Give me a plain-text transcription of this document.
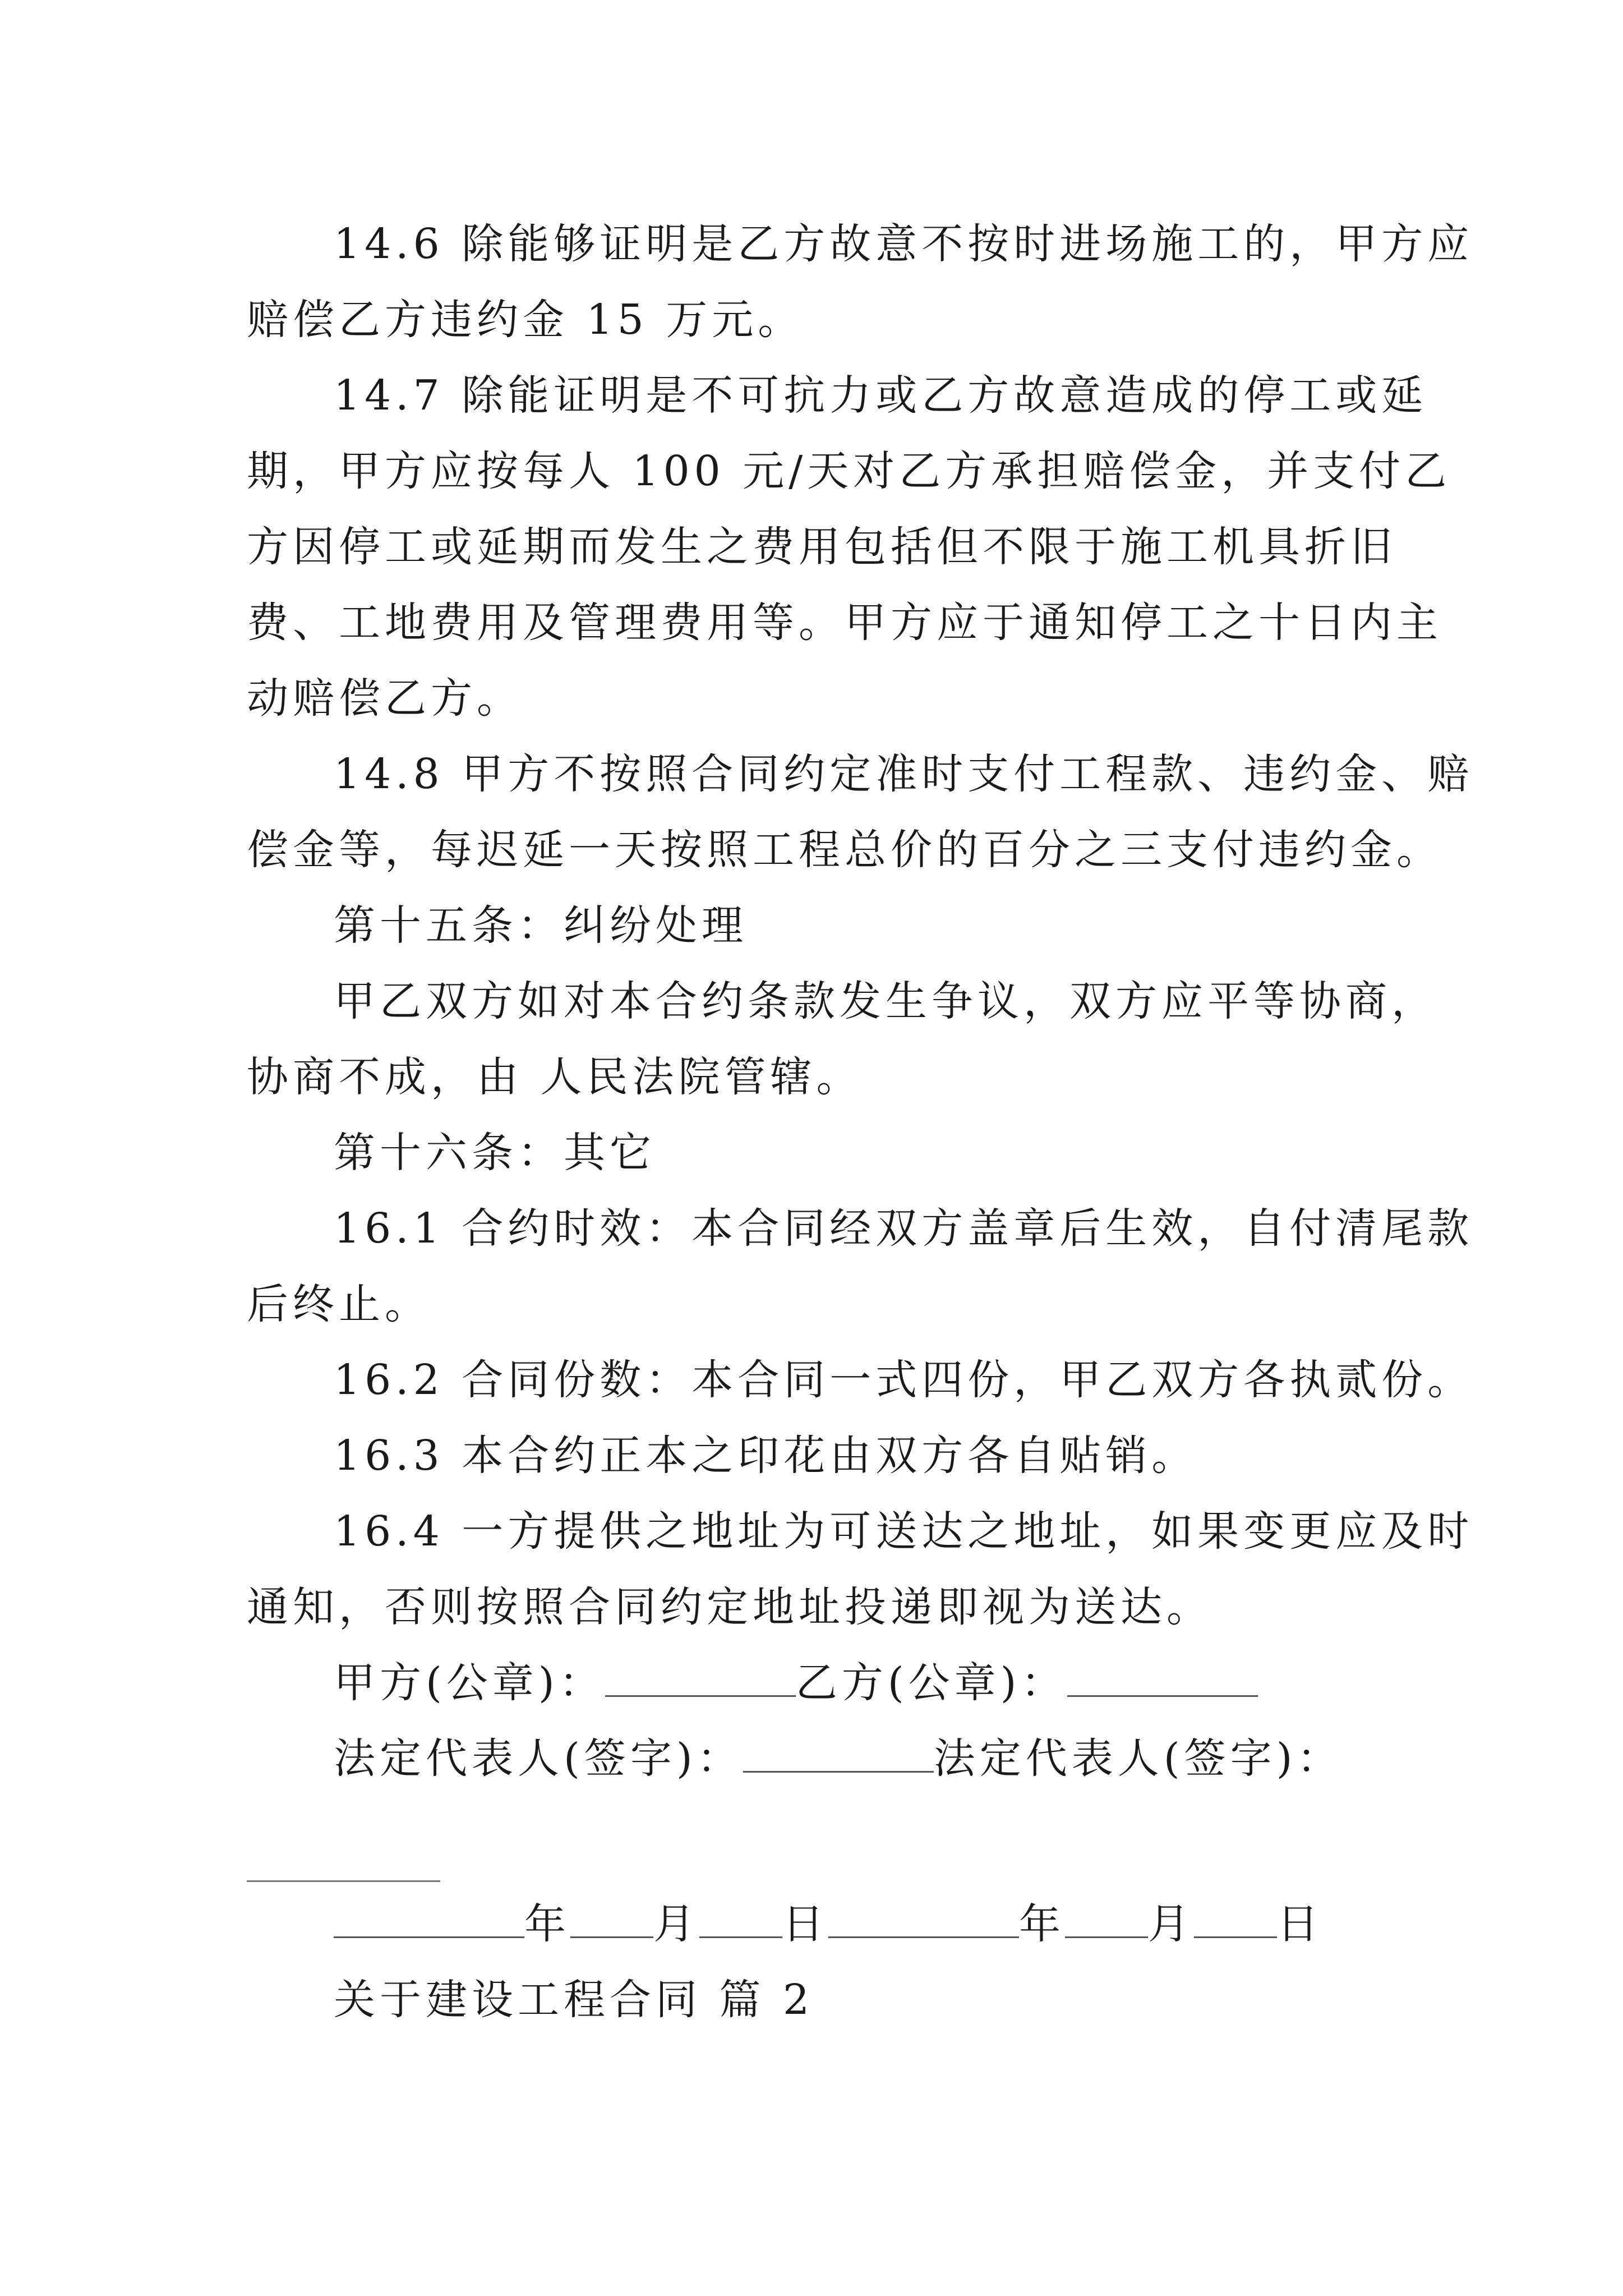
14.6 除能够证明是乙方故意不按时进场施工的，甲方应
赔偿乙方违约金 15 万元。
14.7 除能证明是不可抗力或乙方故意造成的停工或延
期，甲方应按每人 100 元/天对乙方承担赔偿金，并支付乙
方因停工或延期而发生之费用包括但不限于施工机具折旧
费、工地费用及管理费用等。甲方应于通知停工之十日内主
动赔偿乙方。
14.8 甲方不按照合同约定准时支付工程款、违约金、赔
偿金等，每迟延一天按照工程总价的百分之三支付违约金。
第十五条：纠纷处理
甲乙双方如对本合约条款发生争议，双方应平等协商，
协商不成，由 人民法院管辖。
第十六条：其它
16.1 合约时效：本合同经双方盖章后生效，自付清尾款
后终止。
16.2 合同份数：本合同一式四份，甲乙双方各执贰份。
16.3 本合约正本之印花由双方各自贴销。
16.4 一方提供之地址为可送达之地址，如果变更应及时
通知，否则按照合同约定地址投递即视为送达。
甲方(公章)：	乙方(公章)：
法定代表人(签字)：	法定代表人(签字)：
年 月 日	年 月 日
关于建设工程合同 篇 2
